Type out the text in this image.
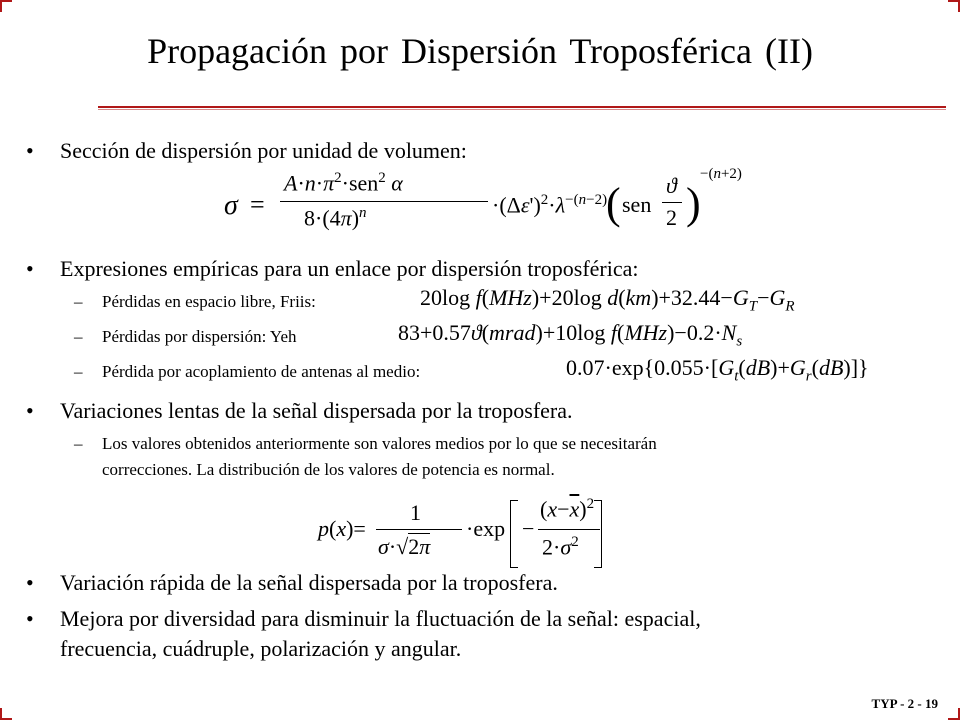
Propagación por Dispersión Troposférica (II)
• Sección de dispersión por unidad de volumen:
σ =
$A\cdot n\cdot\pi^2\cdot sen^2$ α
$8\cdot(4\pi)^n$	$\cdot(\Delta\varepsilon')^2\cdot\lambda^{-(n-2)}$
( sen
ϑ
2 )
−(n+2)
• Expresiones empíricas para un enlace por dispersión troposférica:
– Pérdidas en espacio libre, Friis:	20log f(MHz)+20log $d(km)+32.44-G_T-G_R$
– Pérdidas por dispersión: Yeh	83+0.57ϑ(mrad)+10log $f(MHz)-0.2\cdot N_s$
– Pérdida por acoplamiento de antenas al medio:	$0.07\cdot\exp\{0.055\cdot[G_t(dB)+G_r(dB)]\}$
• Variaciones lentas de la señal dispersada por la troposfera.
– Los valores obtenidos anteriormente son valores medios por lo que se necesitarán
correcciones. La distribución de los valores de potencia es normal.
p(x)=
1
σ·√2π
·exp −
$(x-\overline{x})^2$
$2\cdot\sigma^2$
• Variación rápida de la señal dispersada por la troposfera.
• Mejora por diversidad para disminuir la fluctuación de la señal: espacial,
frecuencia, cuádruple, polarización y angular.
TYP - 2 - 19
